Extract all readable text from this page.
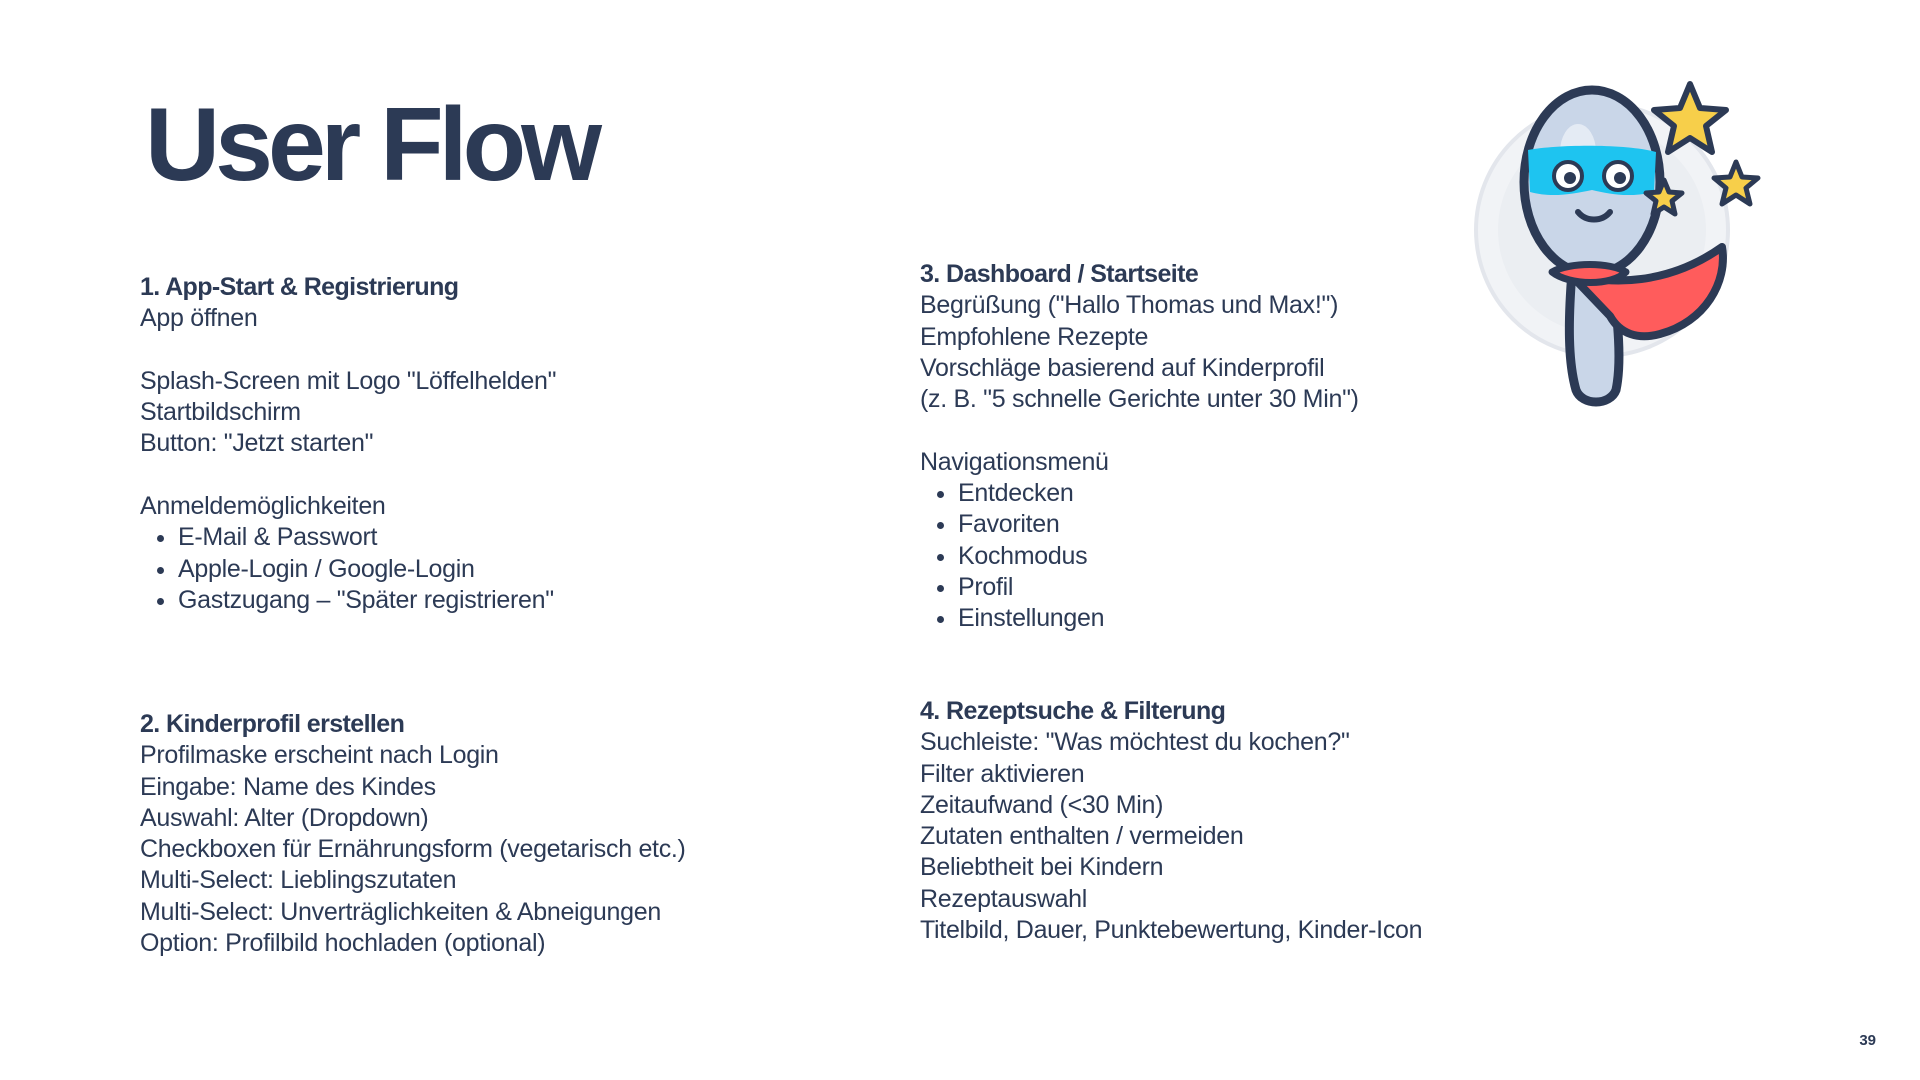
User Flow
1. App-Start & Registrierung

App öffnen

Splash-Screen mit Logo "Löffelhelden"

Startbildschirm

Button: "Jetzt starten"

Anmeldemöglichkeiten

• E-Mail & Passwort
• Apple-Login / Google-Login
• Gastzugang – "Später registrieren"
2. Kinderprofil erstellen

Profilmaske erscheint nach Login

Eingabe: Name des Kindes

Auswahl: Alter (Dropdown)

Checkboxen für Ernährungsform (vegetarisch etc.)

Multi-Select: Lieblingszutaten

Multi-Select: Unverträglichkeiten & Abneigungen

Option: Profilbild hochladen (optional)

3. Dashboard / Startseite

Begrüßung ("Hallo Thomas und Max!")

Empfohlene Rezepte

Vorschläge basierend auf Kinderprofil

(z. B. "5 schnelle Gerichte unter 30 Min")

Navigationsmenü

• Entdecken
• Favoriten
• Kochmodus
• Profil
• Einstellungen
4. Rezeptsuche & Filterung

Suchleiste: "Was möchtest du kochen?"

Filter aktivieren

Zeitaufwand (<30 Min)

Zutaten enthalten / vermeiden

Beliebtheit bei Kindern

Rezeptauswahl

Titelbild, Dauer, Punktebewertung, Kinder-Icon

39
